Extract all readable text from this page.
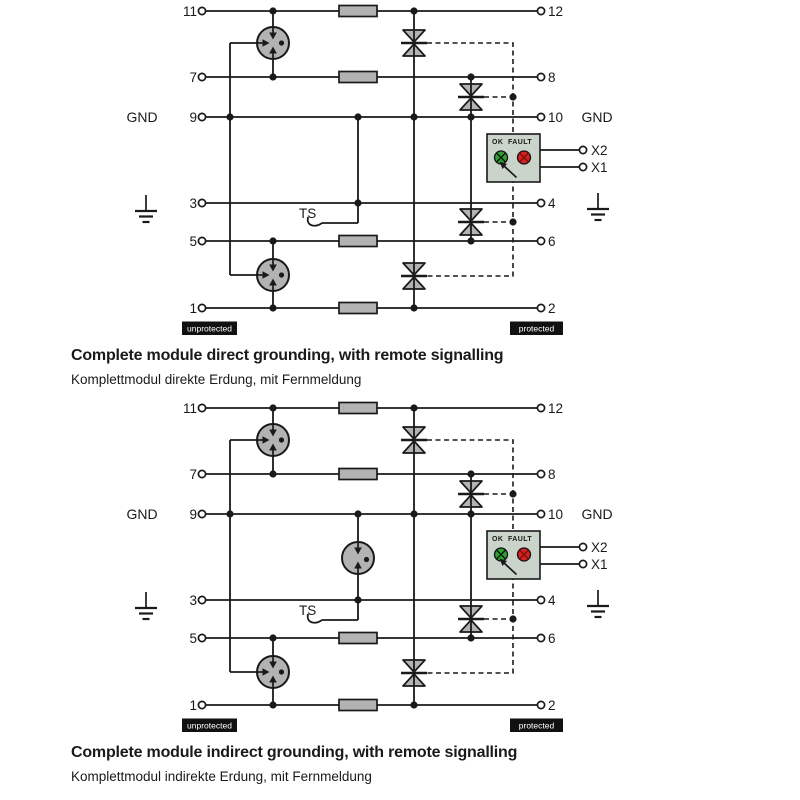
OK FAULT
unprotected	protected
11
7
9
3
5
1
12
8
10
4
6
2
GND	GND
TS
X2
X1
Complete module direct grounding, with remote signalling
Komplettmodul direkte Erdung, mit Fernmeldung
OK FAULT
unprotected	protected
11
7
9
3
5
1
12
8
10
4
6
2
GND	GND
TS
X2
X1
Complete module indirect grounding, with remote signalling
Komplettmodul indirekte Erdung, mit Fernmeldung
